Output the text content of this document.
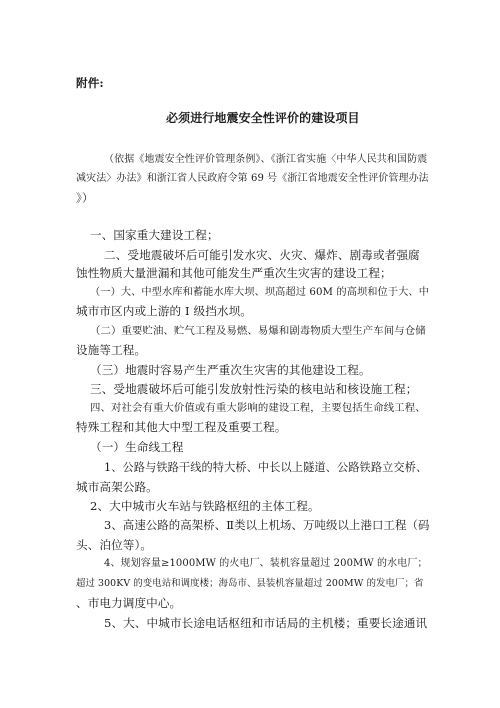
附件:
必须进行地震安全性评价的建设项目
（依据《地震安全性评价管理条例》、《浙江省实施〈中华人民共和国防震
减灾法〉办法》和浙江省人民政府令第 69 号《浙江省地震安全性评价管理办法
》）
一、国家重大建设工程；
二、受地震破坏后可能引发水灾、火灾、爆炸、剧毒或者强腐
蚀性物质大量泄漏和其他可能发生严重次生灾害的建设工程；
（一）大、中型水库和蓄能水库大坝、坝高超过 60M 的高坝和位于大、中
城市市区内或上游的 I 级挡水坝。
（二）重要贮油、贮气工程及易燃、易爆和剧毒物质大型生产车间与仓储
设施等工程。
（三）地震时容易产生严重次生灾害的其他建设工程。
三、受地震破坏后可能引发放射性污染的核电站和核设施工程；
四、对社会有重大价值或有重大影响的建设工程，主要包括生命线工程、
特殊工程和其他大中型工程及重要工程。
（一）生命线工程
1、公路与铁路干线的特大桥、中长以上隧道、公路铁路立交桥、
城市高架公路。
2、大中城市火车站与铁路枢纽的主体工程。
3、高速公路的高架桥、Ⅱ类以上机场、万吨级以上港口工程（码
头、泊位等）。
4、规划容量≥1000MW 的火电厂、装机容量超过 200MW 的水电厂；
超过 300KV 的变电站和调度楼；海岛市、县装机容量超过 200MW 的发电厂；省
、市电力调度中心。
5、大、中城市长途电话枢纽和市话局的主机楼；重要长途通讯
